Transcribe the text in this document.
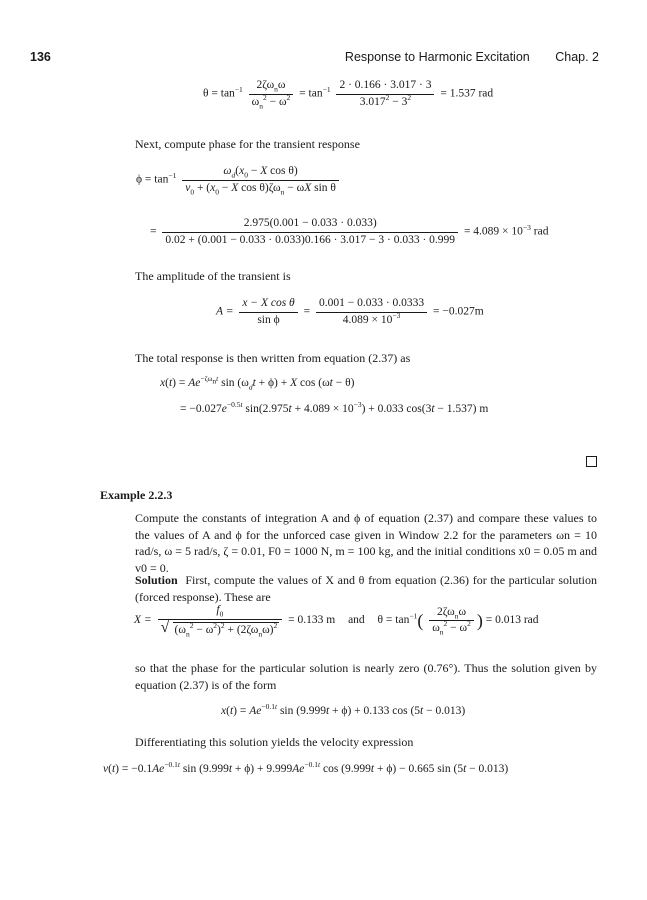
136	Response to Harmonic Excitation Chap. 2
$\theta = \tan^{-1} \frac{2\zeta\omega_n\omega}{\omega_n^2 - \omega^2} = \tan^{-1} \frac{2 \cdot 0.166 \cdot 3.017 \cdot 3}{3.017^2 - 3^2} = 1.537$ rad
Next, compute phase for the transient response
$\phi = \tan^{-1} \frac{\omega_d(x_0 - X \cos \theta)}{v_0 + (x_0 - X \cos \theta)\zeta\omega_n - \omega X \sin \theta}$
=
2.975(0.001 − 0.033 · 0.033)
0.02 + (0.001 − 0.033 · 0.033)0.166 · 3.017 − 3 · 0.033 · 0.999
= $4.089 \times 10^{-3}$ rad
The amplitude of the transient is
$A = \frac{\text{x − X cos θ}}{\text{sin ϕ}} = \frac{0.001 - 0.033 \cdot 0.0333}{4.089 \times 10^{-3}} = -0.027m$
The total response is then written from equation (2.37) as
$x(t) = Ae^{-\zeta\omega_nt}$ $\sin (\omega_dt + \phi) + X$ cos (ωt − θ)
= $-0.027e^{-0.5t}$ $\sin(2.975t + 4.089 \times 10^{-3}) + 0.033$ cos(3t − 1.537) m
Example 2.2.3
Compute the constants of integration A and ϕ of equation (2.37) and compare these values to the values of A and ϕ for the unforced case given in Window 2.2 for the parameters ωn = 10 rad/s, ω = 5 rad/s, ζ = 0.01, F0 = 1000 N, m = 100 kg, and the initial conditions x0 = 0.05 m and v0 = 0.
Solution First, compute the values of X and θ from equation (2.36) for the particular solution (forced response). These are
$X = f_0$
√ $(\omega_n^2 - \omega^2)^2 + (2\zeta\omega_n\omega)^2 = 0.133$ m and $\theta = \tan^{-1}( \frac{2\zeta\omega_n\omega}{\omega_n^2 - \omega^2}$ ) = 0.013 rad
so that the phase for the particular solution is nearly zero (0.76°). Thus the solution given by equation (2.37) is of the form
$x(t) = Ae^{-0.1t}$ sin (9.999t + ϕ) + 0.133 cos (5t − 0.013)
Differentiating this solution yields the velocity expression
$v(t) = -0.1Ae^{-0.1t}$ $\sin (9.999t + \phi) + 9.999Ae^{-0.1t}$ cos (9.999t + ϕ) − 0.665 sin (5t − 0.013)
